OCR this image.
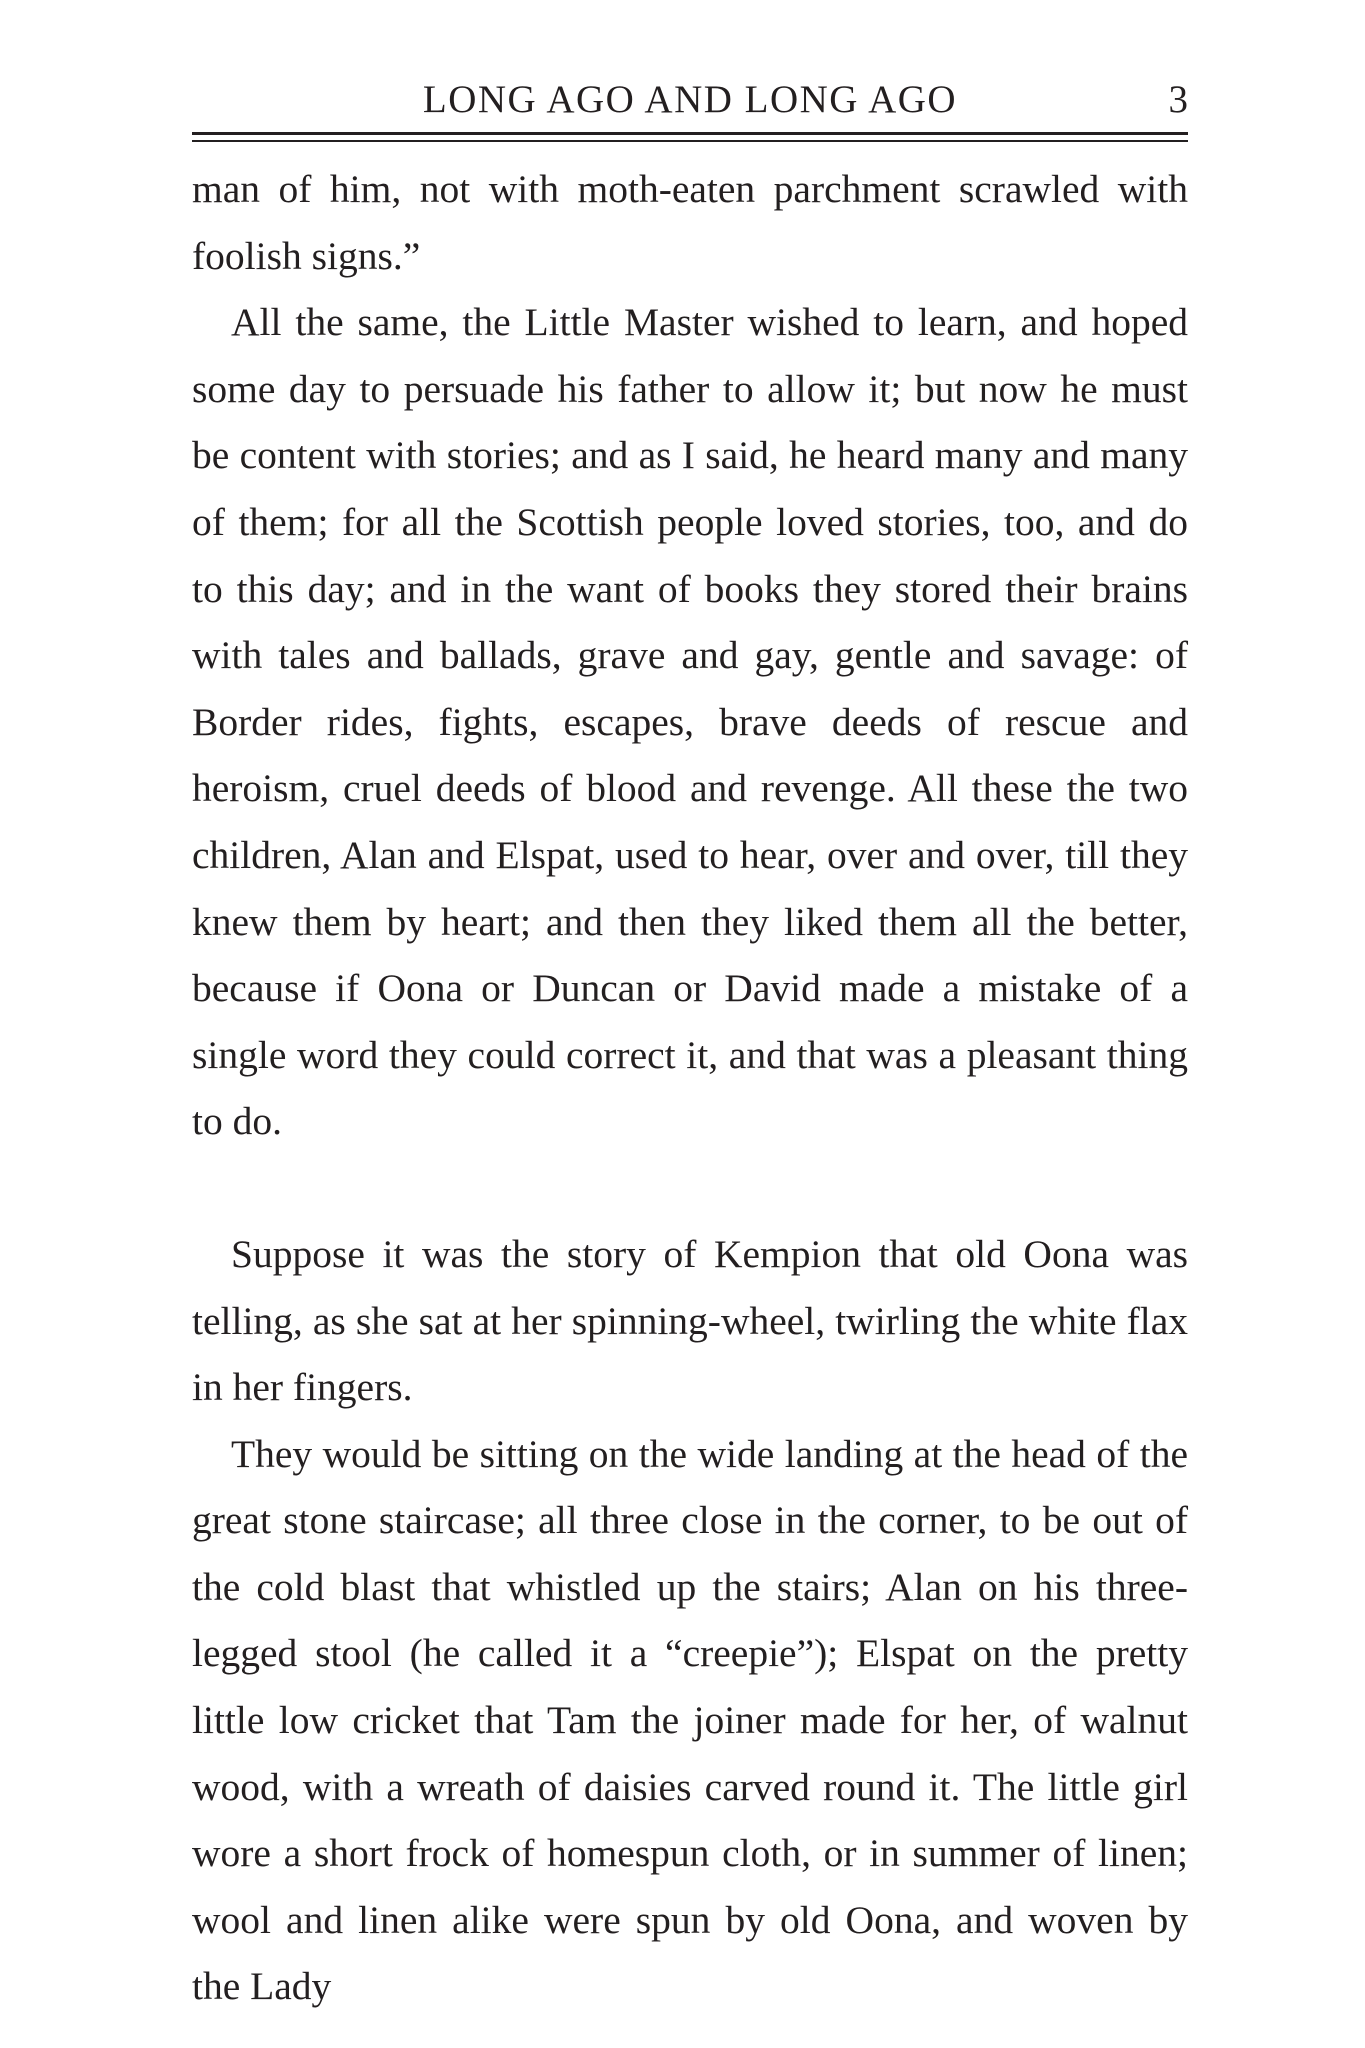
LONG AGO AND LONG AGO	3

man of him, not with moth-eaten parchment scrawled with foolish signs.”

All the same, the Little Master wished to learn, and hoped some day to persuade his father to allow it; but now he must be content with stories; and as I said, he heard many and many of them; for all the Scottish people loved stories, too, and do to this day; and in the want of books they stored their brains with tales and ballads, grave and gay, gentle and savage: of Border rides, fights, escapes, brave deeds of rescue and heroism, cruel deeds of blood and revenge. All these the two children, Alan and Elspat, used to hear, over and over, till they knew them by heart; and then they liked them all the better, because if Oona or Duncan or David made a mistake of a single word they could correct it, and that was a pleasant thing to do.

Suppose it was the story of Kempion that old Oona was telling, as she sat at her spinning-wheel, twirling the white flax in her fingers.

They would be sitting on the wide landing at the head of the great stone staircase; all three close in the corner, to be out of the cold blast that whistled up the stairs; Alan on his three-legged stool (he called it a “creepie”); Elspat on the pretty little low cricket that Tam the joiner made for her, of walnut wood, with a wreath of daisies carved round it. The little girl wore a short frock of homespun cloth, or in summer of linen; wool and linen alike were spun by old Oona, and woven by the Lady
